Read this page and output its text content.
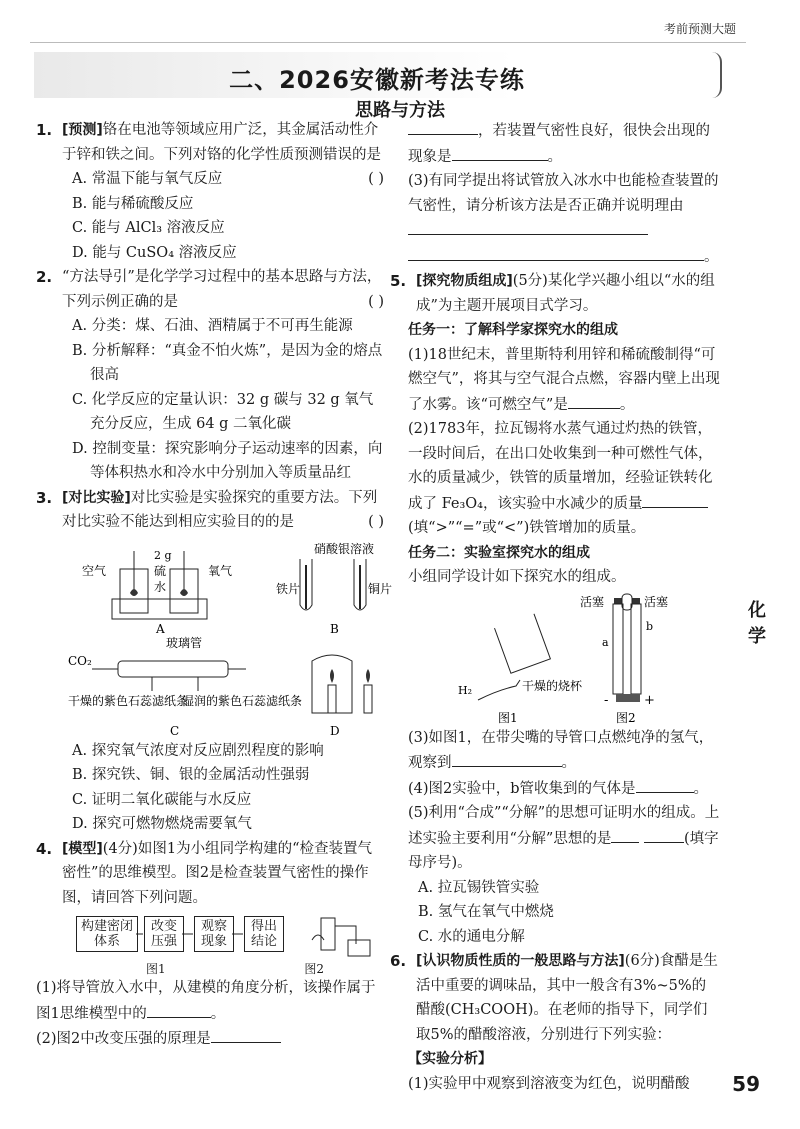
考前预测大题
二、2026安徽新考法专练
思路与方法
1. [预测]铬在电池等领域应用广泛，其金属活动性介于锌和铁之间。下列对铬的化学性质预测错误的是
( )
A. 常温下能与氧气反应
B. 能与稀硫酸反应
C. 能与 AlCl₃ 溶液反应
D. 能与 CuSO₄ 溶液反应
2. “方法导引”是化学学习过程中的基本思路与方法，下列示例正确的是	( )
A. 分类：煤、石油、酒精属于不可再生能源
B. 分析解释：“真金不怕火炼”，是因为金的熔点很高
C. 化学反应的定量认识：32 g 碳与 32 g 氧气充分反应，生成 64 g 二氧化碳
D. 控制变量：探究影响分子运动速率的因素，向等体积热水和冷水中分别加入等质量品红
3. [对比实验]对比实验是实验探究的重要方法。下列对比实验不能达到相应实验目的的是	( )
空气
2 g
硫
水
氧气
A
硝酸银溶液
铁片	铜片
B
玻璃管
CO₂
干燥的紫色石蕊滤纸条
湿润的紫色石蕊滤纸条
C	D
A. 探究氧气浓度对反应剧烈程度的影响
B. 探究铁、铜、银的金属活动性强弱
C. 证明二氧化碳能与水反应
D. 探究可燃物燃烧需要氧气
4. [模型](4分)如图1为小组同学构建的“检查装置气密性”的思维模型。图2是检查装置气密性的操作图，请回答下列问题。
构建密闭体系
改变压强
观察现象
得出结论
图1	图2
(1)将导管放入水中，从建模的角度分析，该操作属于图1思维模型中的	。
(2)图2中改变压强的原理是
，若装置气密性良好，很快会出现的现象是	。
(3)有同学提出将试管放入冰水中也能检查装置的气密性，请分析该方法是否正确并说明理由
。
5. [探究物质组成](5分)某化学兴趣小组以“水的组成”为主题开展项目式学习。
任务一：了解科学家探究水的组成
(1)18世纪末，普里斯特利用锌和稀硫酸制得“可燃空气”，将其与空气混合点燃，容器内壁上出现了水雾。该“可燃空气”是	。
(2)1783年，拉瓦锡将水蒸气通过灼热的铁管，一段时间后，在出口处收集到一种可燃性气体，水的质量减少，铁管的质量增加，经验证铁转化成了 Fe₃O₄，该实验中水减少的质量(填“>”“=”或“<”)铁管增加的质量。
任务二：实验室探究水的组成
小组同学设计如下探究水的组成。
H₂	干燥的烧杯
图1
活塞	活塞
a
b
-	+
图2
(3)如图1，在带尖嘴的导管口点燃纯净的氢气，观察到	。
(4)图2实验中，b管收集到的气体是	。
(5)利用“合成”“分解”的思想可证明水的组成。上述实验主要利用“分解”思想的是	(填字母序号)。
A. 拉瓦锡铁管实验
B. 氢气在氧气中燃烧
C. 水的通电分解
6. [认识物质性质的一般思路与方法](6分)食醋是生活中重要的调味品，其中一般含有3%~5%的醋酸(CH₃COOH)。在老师的指导下，同学们取5%的醋酸溶液，分别进行下列实验：
【实验分析】
(1)实验甲中观察到溶液变为红色，说明醋酸
化
学
59
